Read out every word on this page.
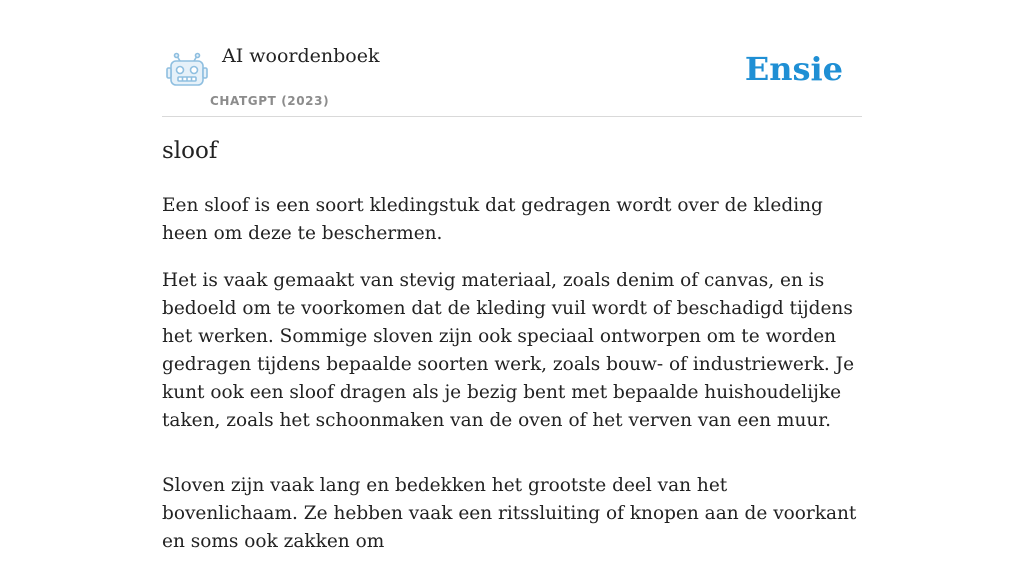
AI woordenboek
CHATGPT (2023)
Ensie
sloof

Een sloof is een soort kledingstuk dat gedragen wordt over de kleding heen om deze te beschermen.

Het is vaak gemaakt van stevig materiaal, zoals denim of canvas, en is bedoeld om te voorkomen dat de kleding vuil wordt of beschadigd tijdens het werken. Sommige sloven zijn ook speciaal ontworpen om te worden gedragen tijdens bepaalde soorten werk, zoals bouw- of industriewerk. Je kunt ook een sloof dragen als je bezig bent met bepaalde huishoudelijke taken, zoals het schoonmaken van de oven of het verven van een muur.

Sloven zijn vaak lang en bedekken het grootste deel van het bovenlichaam. Ze hebben vaak een ritssluiting of knopen aan de voorkant en soms ook zakken om
